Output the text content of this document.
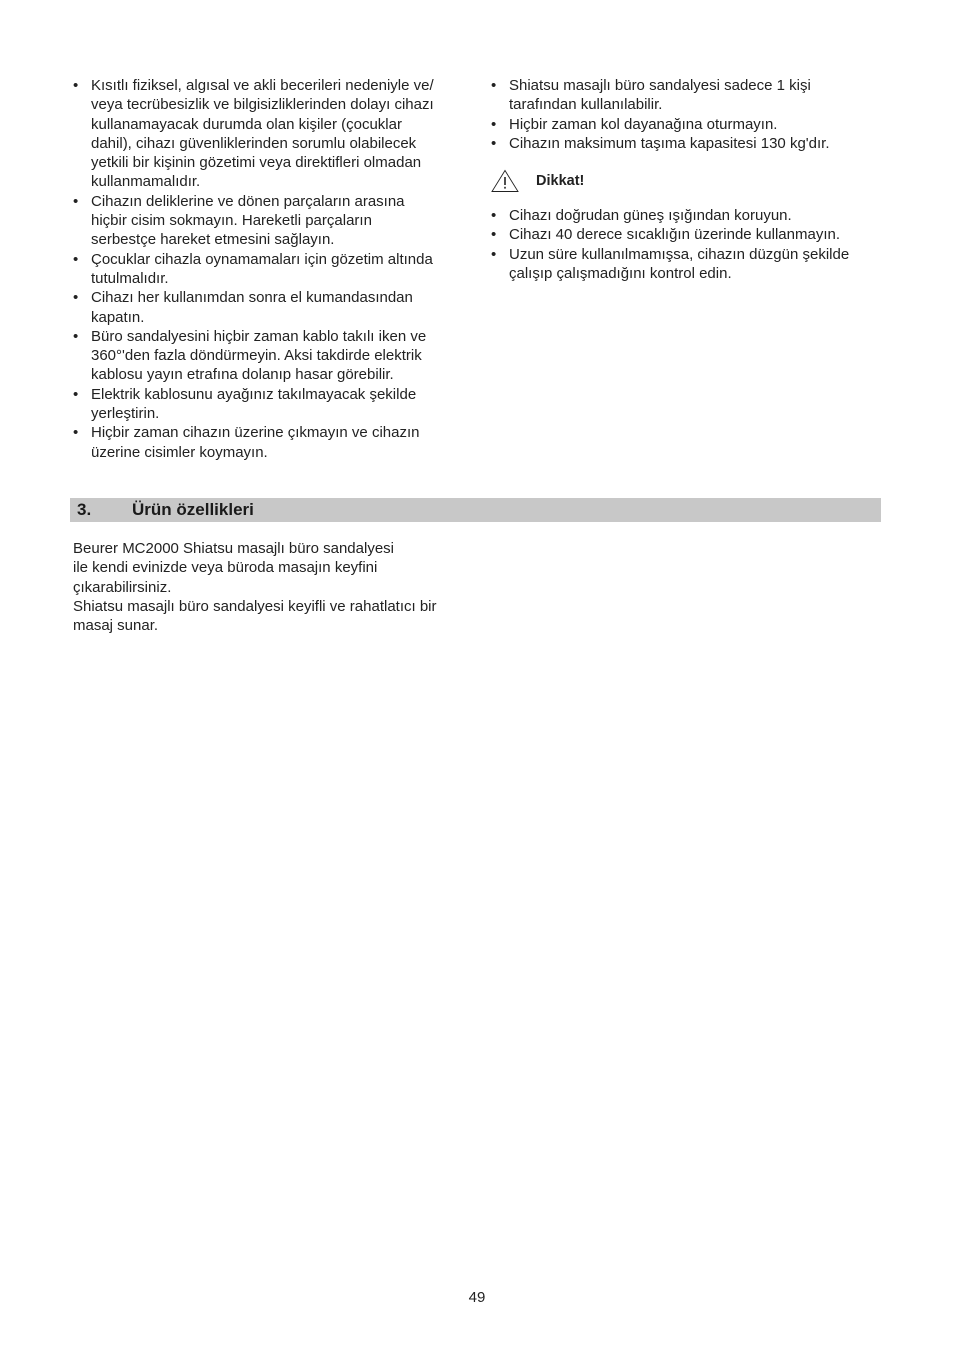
• Kısıtlı fiziksel, algısal ve akli becerileri nedeniyle ve/
veya tecrübesizlik ve bilgisizliklerinden dolayı cihazı
kullanamayacak durumda olan kişiler (çocuklar
dahil), cihazı güvenliklerinden sorumlu olabilecek
yetkili bir kişinin gözetimi veya direktifleri olmadan
kullanmamalıdır.
• Cihazın deliklerine ve dönen parçaların arasına
hiçbir cisim sokmayın. Hareketli parçaların
serbestçe hareket etmesini sağlayın.
• Çocuklar cihazla oynamamaları için gözetim altında
tutulmalıdır.
• Cihazı her kullanımdan sonra el kumandasından
kapatın.
• Büro sandalyesini hiçbir zaman kablo takılı iken ve
360°'den fazla döndürmeyin. Aksi takdirde elektrik
kablosu yayın etrafına dolanıp hasar görebilir.
• Elektrik kablosunu ayağınız takılmayacak şekilde
yerleştirin.
• Hiçbir zaman cihazın üzerine çıkmayın ve cihazın
üzerine cisimler koymayın.
• Shiatsu masajlı büro sandalyesi sadece 1 kişi
tarafından kullanılabilir.
• Hiçbir zaman kol dayanağına oturmayın.
• Cihazın maksimum taşıma kapasitesi 130 kg'dır.
Dikkat!
• Cihazı doğrudan güneş ışığından koruyun.
• Cihazı 40 derece sıcaklığın üzerinde kullanmayın.
• Uzun süre kullanılmamışsa, cihazın düzgün şekilde
çalışıp çalışmadığını kontrol edin.
3.	Ürün özellikleri

Beurer MC2000 Shiatsu masajlı büro sandalyesi
ile kendi evinizde veya büroda masajın keyfini
çıkarabilirsiniz.

Shiatsu masajlı büro sandalyesi keyifli ve rahatlatıcı bir
masaj sunar.

49
